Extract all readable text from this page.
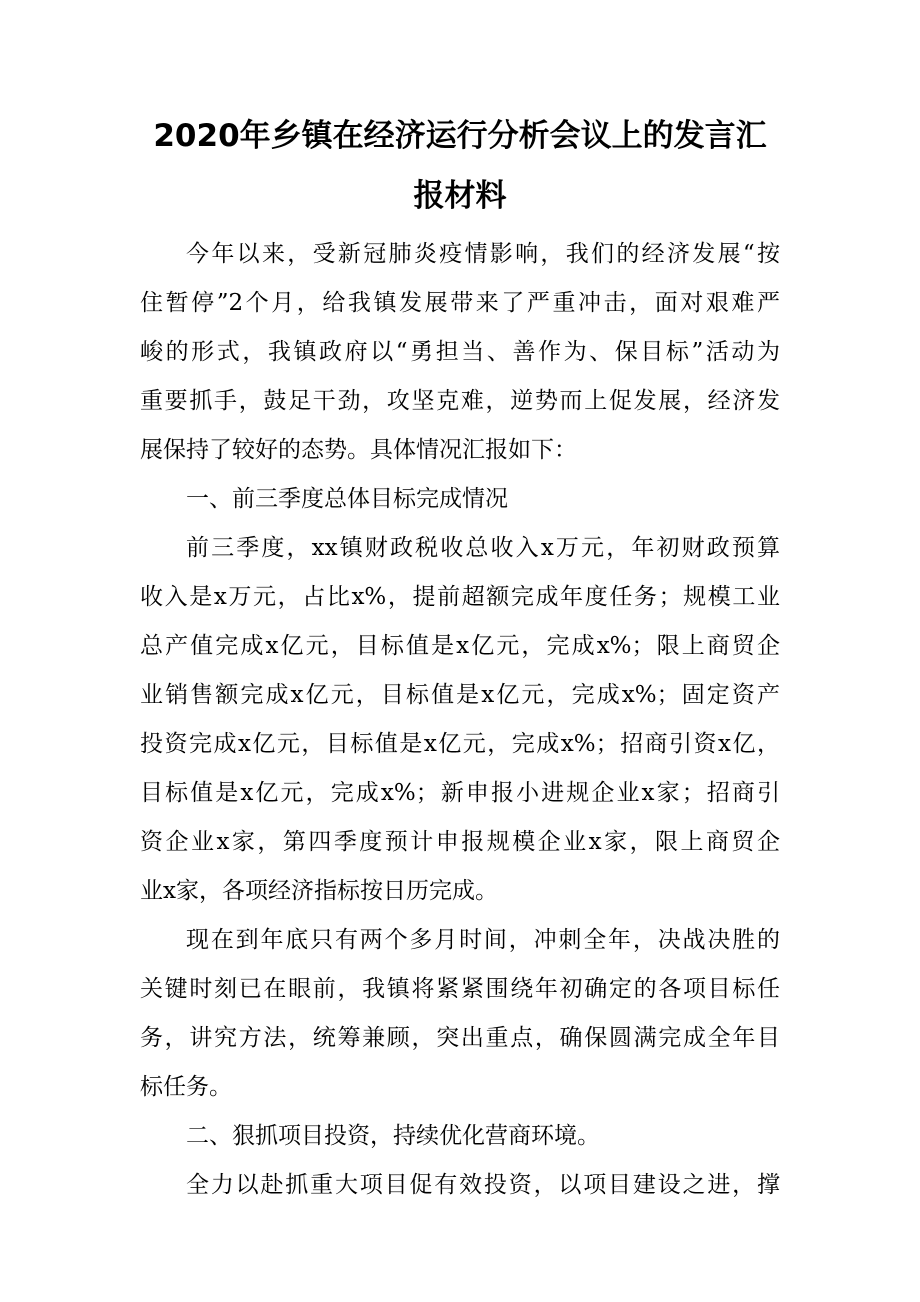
2020年乡镇在经济运行分析会议上的发言汇
报材料
今年以来，受新冠肺炎疫情影响，我们的经济发展“按
住暂停”2个月，给我镇发展带来了严重冲击，面对艰难严
峻的形式，我镇政府以“勇担当、善作为、保目标”活动为
重要抓手，鼓足干劲，攻坚克难，逆势而上促发展，经济发
展保持了较好的态势。具体情况汇报如下：
一、前三季度总体目标完成情况
前三季度，xx镇财政税收总收入x万元，年初财政预算
收入是x万元，占比x%，提前超额完成年度任务；规模工业
总产值完成x亿元，目标值是x亿元，完成x%；限上商贸企
业销售额完成x亿元，目标值是x亿元，完成x%；固定资产
投资完成x亿元，目标值是x亿元，完成x%；招商引资x亿，
目标值是x亿元，完成x%；新申报小进规企业x家；招商引
资企业x家，第四季度预计申报规模企业x家，限上商贸企
业x家，各项经济指标按日历完成。
现在到年底只有两个多月时间，冲刺全年，决战决胜的
关键时刻已在眼前，我镇将紧紧围绕年初确定的各项目标任
务，讲究方法，统筹兼顾，突出重点，确保圆满完成全年目
标任务。
二、狠抓项目投资，持续优化营商环境。
全力以赴抓重大项目促有效投资，以项目建设之进，撑
